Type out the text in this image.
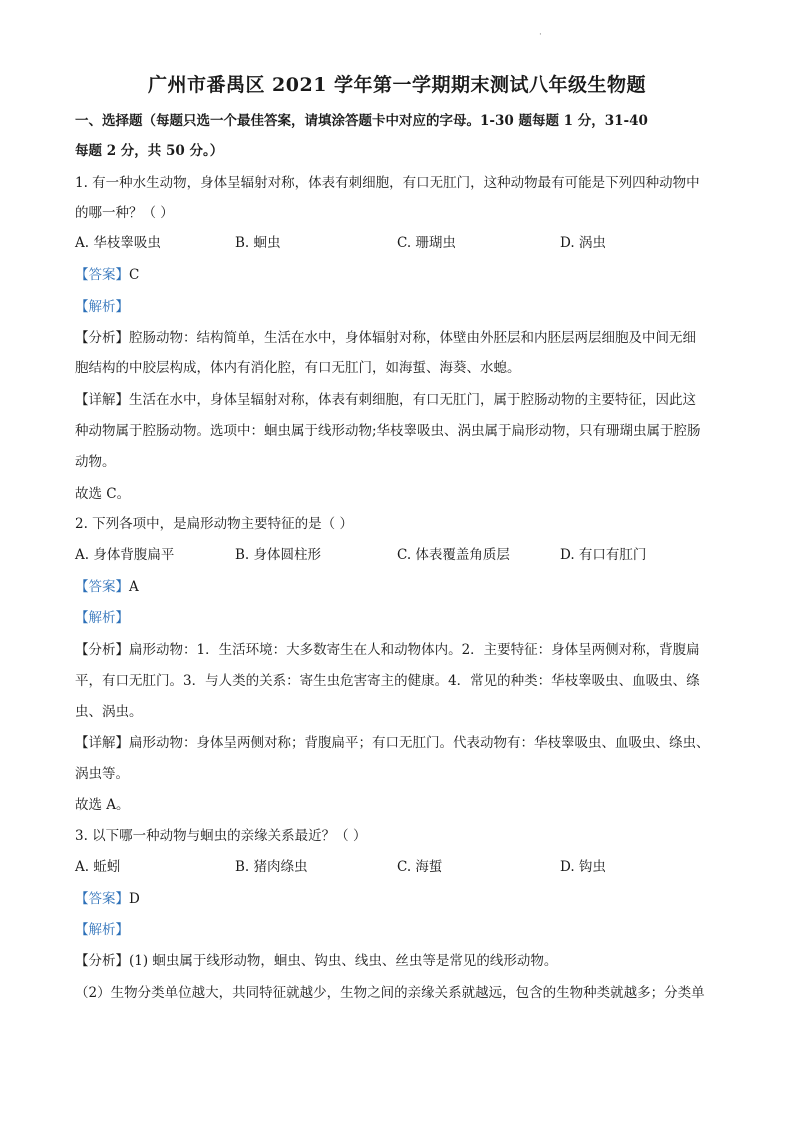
·
广州市番禺区 2021 学年第一学期期末测试八年级生物题
一、选择题（每题只选一个最佳答案，请填涂答题卡中对应的字母。1-30 题每题 1 分，31-40
每题 2 分，共 50 分。）
1. 有一种水生动物，身体呈辐射对称，体表有刺细胞，有口无肛门，这种动物最有可能是下列四种动物中
的哪一种？（ ）
A. 华枝睾吸虫	B. 蛔虫	C. 珊瑚虫	D. 涡虫
【答案】C
【解析】
【分析】腔肠动物：结构简单，生活在水中，身体辐射对称，体壁由外胚层和内胚层两层细胞及中间无细
胞结构的中胶层构成，体内有消化腔，有口无肛门，如海蜇、海葵、水螅。
【详解】生活在水中，身体呈辐射对称，体表有刺细胞，有口无肛门，属于腔肠动物的主要特征，因此这
种动物属于腔肠动物。选项中：蛔虫属于线形动物;华枝睾吸虫、涡虫属于扁形动物，只有珊瑚虫属于腔肠
动物。
故选 C。
2. 下列各项中，是扁形动物主要特征的是（ ）
A. 身体背腹扁平	B. 身体圆柱形	C. 体表覆盖角质层	D. 有口有肛门
【答案】A
【解析】
【分析】扁形动物：1．生活环境：大多数寄生在人和动物体内。2．主要特征：身体呈两侧对称，背腹扁
平，有口无肛门。3．与人类的关系：寄生虫危害寄主的健康。4．常见的种类：华枝睾吸虫、血吸虫、绦
虫、涡虫。
【详解】扁形动物：身体呈两侧对称；背腹扁平；有口无肛门。代表动物有：华枝睾吸虫、血吸虫、绦虫、
涡虫等。
故选 A。
3. 以下哪一种动物与蛔虫的亲缘关系最近？（ ）
A. 蚯蚓	B. 猪肉绦虫	C. 海蜇	D. 钩虫
【答案】D
【解析】
【分析】(1) 蛔虫属于线形动物，蛔虫、钩虫、线虫、丝虫等是常见的线形动物。
（2）生物分类单位越大，共同特征就越少，生物之间的亲缘关系就越远，包含的生物种类就越多；分类单
